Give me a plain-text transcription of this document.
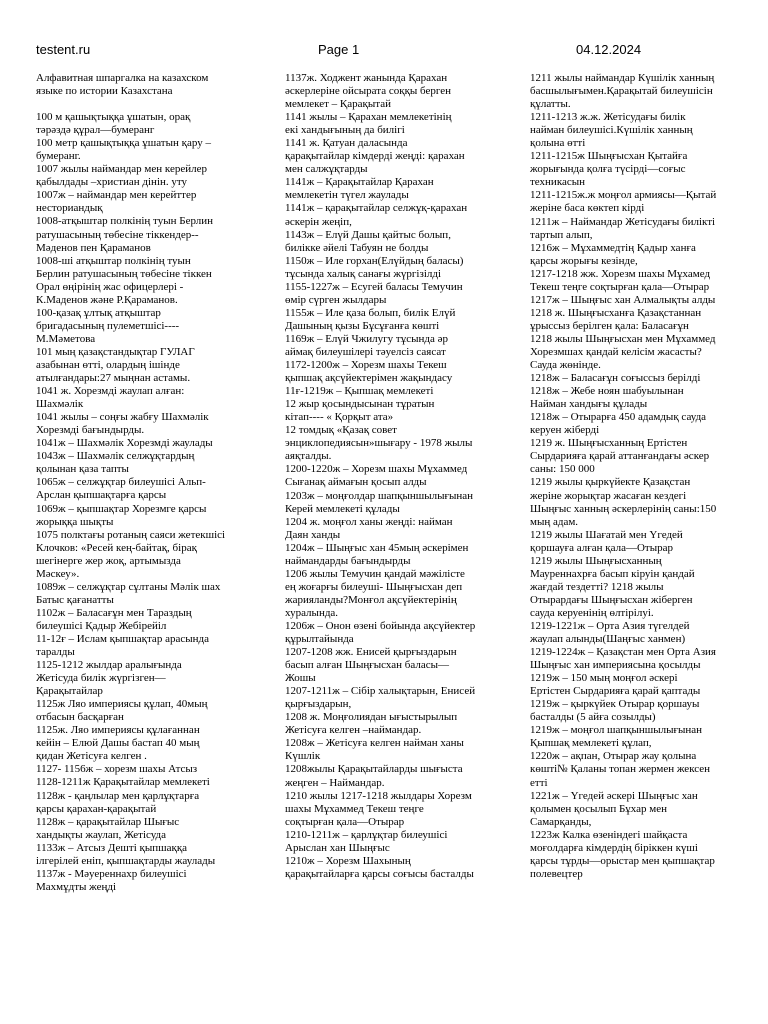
testent.ru	Page 1	04.12.2024

Алфавитная шпаргалка на казахском
языке по истории Казахстана

100 м қашықтыққа ұшатын, орақ
тәрәздә құрал—бумеранг

100 метр қашықтыққа ұшатын қару –
бумеранг.

1007 жылы наймандар мен керейлер
қабылдады –христиан дінін. уту

1007ж – наймандар мен керейттер
несториандық

1008-атқыштар полкінің туын Берлин
ратушасының төбесіне тіккендер--
Мәденов пен Қараманов

1008-ші атқыштар полкінің туын
Берлин ратушасының төбесіне тіккен
Орал өңірінің жас офицерлері -
К.Маденов және Р.Қараманов.

100-қазақ ұлтық атқыштар
бригадасының пулеметшісі----
М.Мәметова

101 мың қазақстандықтар ГУЛАГ
азабынан өтті, олардың ішінде
атылғандары:27 мыңнан астамы.

1041 ж. Хорезмді жаулап алған:
Шахмәлік

1041 жылы – соңғы жабғу Шахмәлік
Хорезмді бағындырды.

1041ж – Шахмәлік Хорезмді жаулады

1043ж – Шахмәлік селжұқтардың
қолынан қаза тапты

1065ж – селжұқтар билеушісі Альп-
Арслан қыпшақтарға қарсы

1069ж – қыпшақтар Хорезмге қарсы
жорыққа шықты

1075 полктағы ротаның саяси жетекшісі
Клочков: «Ресей кең-байтақ, бірақ
шегінерге жер жоқ, артымызда
Мәскеу».

1089ж – селжұқтар сұлтаны Мәлік шах
Батыс қағанатты

1102ж – Баласағұн мен Тараздың
билеушісі Қадыр Жебірейіл

11-12ғ – Ислам қыпшақтар арасында
таралды

1125-1212 жылдар аралығында
Жетісуда билік жүргізген—
Қарақытайлар

1125ж Ляо империясы құлап, 40мың
отбасын басқарған

1125ж. Ляо империясы құлағаннан
кейін – Елюй Дашы бастап 40 мың
қидан Жетісуға келген .

1127- 1156ж – хорезм шахы Атсыз

1128-1211ж Қарақытайлар мемлекеті

1128ж - қаңлылар мен қарлұқтарға
қарсы қарахан-қарақытай

1128ж – қарақытайлар Шығыс
хандықты жаулап, Жетісуда

1133ж – Атсыз Дешті қыпшаққа
ілгерілей еніп, қыпшақтарды жаулады

1137ж - Мәуереннахр билеушісі
Махмұдты жеңді

1137ж. Ходжент жанында Қарахан
әскерлеріне ойсырата соққы берген
мемлекет – Қарақытай

1141 жылы – Қарахан мемлекетінің
екі хандығының да билігі

1141 ж. Қатуан даласында
қарақытайлар кімдерді жеңді: қарахан
мен салжұқтарды

1141ж – Қарақытайлар Қарахан
мемлекетін түгел жаулады

1141ж – қарақытайлар селжұқ-қарахан
әскерін жеңіп,

1143ж – Елүй Дашы қайтыс болып,
билікке әйелі Табуян не болды

1150ж – Иле горхан(Елүйдың баласы)
тұсында халық санағы жүргізілді

1155-1227ж – Есугей баласы Темучин
өмір сүрген жылдары

1155ж – Иле қаза болып, билік Елүй
Дашының қызы Бұсұғанға көшті

1169ж – Елүй Чжилугу тұсында әр
аймақ билеушілері тәуелсіз саясат

1172-1200ж – Хорезм шахы Текеш
қыпшақ ақсүйектерімен жақындасу

11ғ-1219ж – Қыпшақ мемлекеті

12 жыр қосындысынан тұратын
кітап---- « Қорқыт ата»

12 томдық «Қазақ совет
энциклопедиясын»шығару - 1978 жылы
аяқталды.

1200-1220ж – Хорезм шахы Мұхаммед
Сығанақ аймағын қосып алды

1203ж – моңғолдар шапқыншылығынан
Керей мемлекеті құлады

1204 ж. моңғол ханы жеңді: найман
Даян ханды

1204ж – Шыңғыс хан 45мың әскерімен
наймандарды бағындырды

1206 жылы Темучин қандай мәжілісте
ең жоғарғы билеуші- Шыңғысхан деп
жарияланды?Монғол ақсүйектерінің
хуралында.

1206ж – Онон өзені бойында ақсүйектер
құрылтайында

1207-1208 жж. Енисей қырғыздарын
басып алған Шыңғысхан баласы—
Жошы

1207-1211ж – Сібір халықтарын, Енисей
қырғыздарын,

1208 ж. Моңғолиядан ығыстырылып
Жетісуға келген –наймандар.

1208ж – Жетісуға келген найман ханы
Күшлік

1208жылы Қарақытайларды шығыста
жеңген – Наймандар.

1210 жылы 1217-1218 жылдары Хорезм
шахы Мұхаммед Текеш теңге
соқтырған қала—Отырар

1210-1211ж – қарлұқтар билеушісі
Арыслан хан Шыңғыс

1210ж – Хорезм Шахының
қарақытайларға қарсы соғысы басталды

1211 жылы наймандар Күшілік ханның
басшылығымен.Қарақытай билеушісін
құлатты.

1211-1213 ж.ж. Жетісудағы билік
найман билеушісі.Күшілік ханның
қолына өтті

1211-1215ж Шыңғысхан Қытайға
жорығында қолға түсірді—соғыс
техникасын

1211-1215ж.ж моңғол армиясы—Қытай
жеріне баса көктеп кірді

1211ж – Наймандар Жетісудағы билікті
тартып алып,

1216ж – Мұхаммедтің Қадыр ханға
қарсы жорығы кезінде,

1217-1218 жж. Хорезм шахы Мұхамед
Текеш теңге соқтырған қала—Отырар

1217ж – Шыңғыс хан Алмалықты алды

1218 ж. Шыңғысханға Қазақстаннан
ұрыссыз берілген қала: Баласағұн

1218 жылы Шыңғысхан мен Мұхаммед
Хорезмшах қандай келісім жасасты?
Сауда жөнінде.

1218ж – Баласағұн соғыссыз берілді

1218ж – Жебе ноян шабуылынан
Найман хандығы құлады

1218ж – Отырарға 450 адамдық сауда
керуен жіберді

1219 ж. Шыңғысханның Ертістен
Сырдарияға қарай аттанғандағы әскер
саны: 150 000

1219 жылы қыркүйекте Қазақстан
жеріне жорықтар жасаған кездегі
Шыңғыс ханның әскерлерінің саны:150
мың адам.

1219 жылы Шағатай мен Үгедей
қоршауға алған қала—Отырар

1219 жылы Шыңғысханның
Мауреннахрға басып кіруін қандай
жағдай тездетті? 1218 жылы
Отырардағы Шыңғысхан жіберген
сауда керуенінің өлтірілуі.

1219-1221ж – Орта Азия түгелдей
жаулап алынды(Шаңғыс ханмен)

1219-1224ж – Қазақстан мен Орта Азия
Шыңғыс хан империясына қосылды

1219ж – 150 мың моңғол әскері
Ертістен Сырдарияға қарай қаптады

1219ж – қыркүйек Отырар қоршауы
басталды (5 айға созылды)

1219ж – моңғол шапқыншылығынан
Қыпшақ мемлекеті құлап,

1220ж – ақпан, Отырар жау қолына
көшті№ Қаланы топан жермен жексен
етті

1221ж – Үгедей әскері Шыңғыс хан
қолымен қосылып Бұхар мен
Самарқанды,

1223ж Калка өзеніндегі шайқаста
моғолдарға кімдердің біріккен күші
қарсы тұрды—орыстар мен қыпшақтар
полевецтер
